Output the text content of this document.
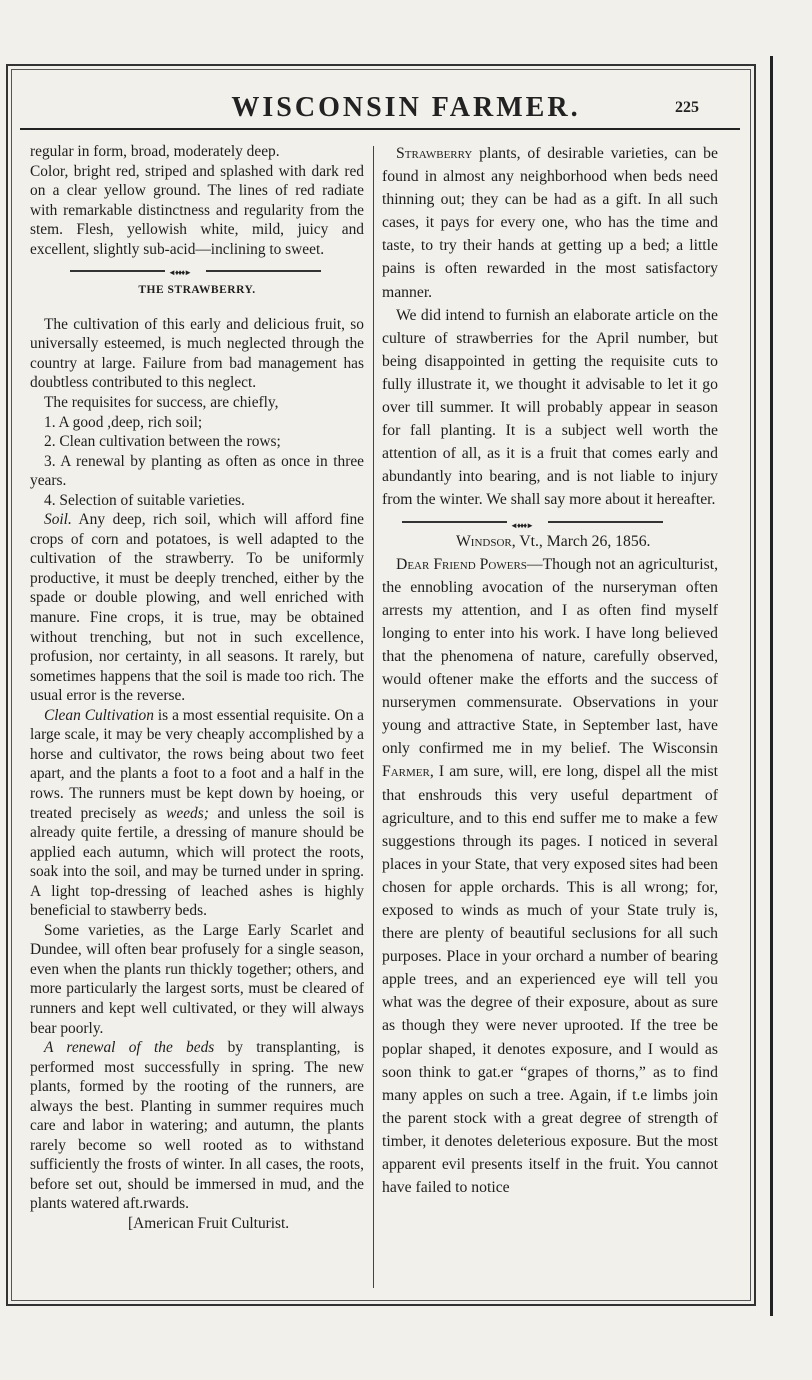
WISCONSIN FARMER.	225

regular in form, broad, moderately deep.

Color, bright red, striped and splashed with dark red on a clear yellow ground. The lines of red radiate with remarkable distinctness and regularity from the stem. Flesh, yellowish white, mild, juicy and excellent, slightly sub-acid—inclining to sweet.

◄♦♦♦►
THE STRAWBERRY.

The cultivation of this early and delicious fruit, so universally esteemed, is much neglected through the country at large. Failure from bad management has doubtless contributed to this neglect.

The requisites for success, are chiefly,

1. A good ,deep, rich soil;

2. Clean cultivation between the rows;

3. A renewal by planting as often as once in three years.

4. Selection of suitable varieties.

Soil. Any deep, rich soil, which will afford fine crops of corn and potatoes, is well adapted to the cultivation of the strawberry. To be uniformly productive, it must be deeply trenched, either by the spade or double plowing, and well enriched with manure. Fine crops, it is true, may be obtained without trenching, but not in such excellence, profusion, nor certainty, in all seasons. It rarely, but sometimes happens that the soil is made too rich. The usual error is the reverse.

Clean Cultivation is a most essential requisite. On a large scale, it may be very cheaply accomplished by a horse and cultivator, the rows being about two feet apart, and the plants a foot to a foot and a half in the rows. The runners must be kept down by hoeing, or treated precisely as weeds; and unless the soil is already quite fertile, a dressing of manure should be applied each autumn, which will protect the roots, soak into the soil, and may be turned under in spring. A light top-dressing of leached ashes is highly beneficial to stawberry beds.

Some varieties, as the Large Early Scarlet and Dundee, will often bear profusely for a single season, even when the plants run thickly together; others, and more particularly the largest sorts, must be cleared of runners and kept well cultivated, or they will always bear poorly.

A renewal of the beds by transplanting, is performed most successfully in spring. The new plants, formed by the rooting of the runners, are always the best. Planting in summer requires much care and labor in watering; and autumn, the plants rarely become so well rooted as to withstand sufficiently the frosts of winter. In all cases, the roots, before set out, should be immersed in mud, and the plants watered aft.rwards.

[American Fruit Culturist.

Strawberry plants, of desirable varieties, can be found in almost any neighborhood when beds need thinning out; they can be had as a gift. In all such cases, it pays for every one, who has the time and taste, to try their hands at getting up a bed; a little pains is often rewarded in the most satisfactory manner.

We did intend to furnish an elaborate article on the culture of strawberries for the April number, but being disappointed in getting the requisite cuts to fully illustrate it, we thought it advisable to let it go over till summer. It will probably appear in season for fall planting. It is a subject well worth the attention of all, as it is a fruit that comes early and abundantly into bearing, and is not liable to injury from the winter. We shall say more about it hereafter.

◄♦♦♦►

Windsor, Vt., March 26, 1856.

Dear Friend Powers—Though not an agriculturist, the ennobling avocation of the nurseryman often arrests my attention, and I as often find myself longing to enter into his work. I have long believed that the phenomena of nature, carefully observed, would oftener make the efforts and the success of nurserymen commensurate. Observations in your young and attractive State, in September last, have only confirmed me in my belief. The Wisconsin Farmer, I am sure, will, ere long, dispel all the mist that enshrouds this very useful department of agriculture, and to this end suffer me to make a few suggestions through its pages. I noticed in several places in your State, that very exposed sites had been chosen for apple orchards. This is all wrong; for, exposed to winds as much of your State truly is, there are plenty of beautiful seclusions for all such purposes. Place in your orchard a number of bearing apple trees, and an experienced eye will tell you what was the degree of their exposure, about as sure as though they were never uprooted. If the tree be poplar shaped, it denotes exposure, and I would as soon think to gat.er “grapes of thorns,” as to find many apples on such a tree. Again, if t.e limbs join the parent stock with a great degree of strength of timber, it denotes deleterious exposure. But the most apparent evil presents itself in the fruit. You cannot have failed to notice
